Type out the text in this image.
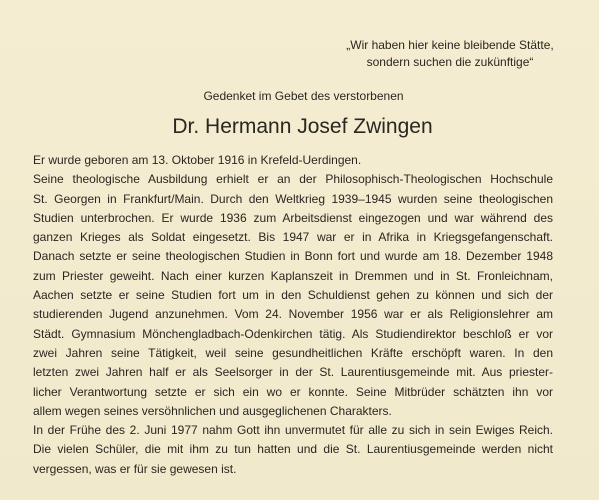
„Wir haben hier keine bleibende Stätte,
sondern suchen die zukünftige“
Gedenket im Gebet des verstorbenen
Dr. Hermann Josef Zwingen
Er wurde geboren am 13. Oktober 1916 in Krefeld-Uerdingen.
Seine theologische Ausbildung erhielt er an der Philosophisch-Theologischen Hochschule
St. Georgen in Frankfurt/Main. Durch den Weltkrieg 1939–1945 wurden seine theologischen
Studien unterbrochen. Er wurde 1936 zum Arbeitsdienst eingezogen und war während des
ganzen Krieges als Soldat eingesetzt. Bis 1947 war er in Afrika in Kriegsgefangenschaft.
Danach setzte er seine theologischen Studien in Bonn fort und wurde am 18. Dezember 1948
zum Priester geweiht. Nach einer kurzen Kaplanszeit in Dremmen und in St. Fronleichnam,
Aachen setzte er seine Studien fort um in den Schuldienst gehen zu können und sich der
studierenden Jugend anzunehmen. Vom 24. November 1956 war er als Religionslehrer am
Städt. Gymnasium Mönchengladbach-Odenkirchen tätig. Als Studiendirektor beschloß er vor
zwei Jahren seine Tätigkeit, weil seine gesundheitlichen Kräfte erschöpft waren. In den
letzten zwei Jahren half er als Seelsorger in der St. Laurentiusgemeinde mit. Aus priester-
licher Verantwortung setzte er sich ein wo er konnte. Seine Mitbrüder schätzten ihn vor
allem wegen seines versöhnlichen und ausgeglichenen Charakters.
In der Frühe des 2. Juni 1977 nahm Gott ihn unvermutet für alle zu sich in sein Ewiges Reich.
Die vielen Schüler, die mit ihm zu tun hatten und die St. Laurentiusgemeinde werden nicht
vergessen, was er für sie gewesen ist.
